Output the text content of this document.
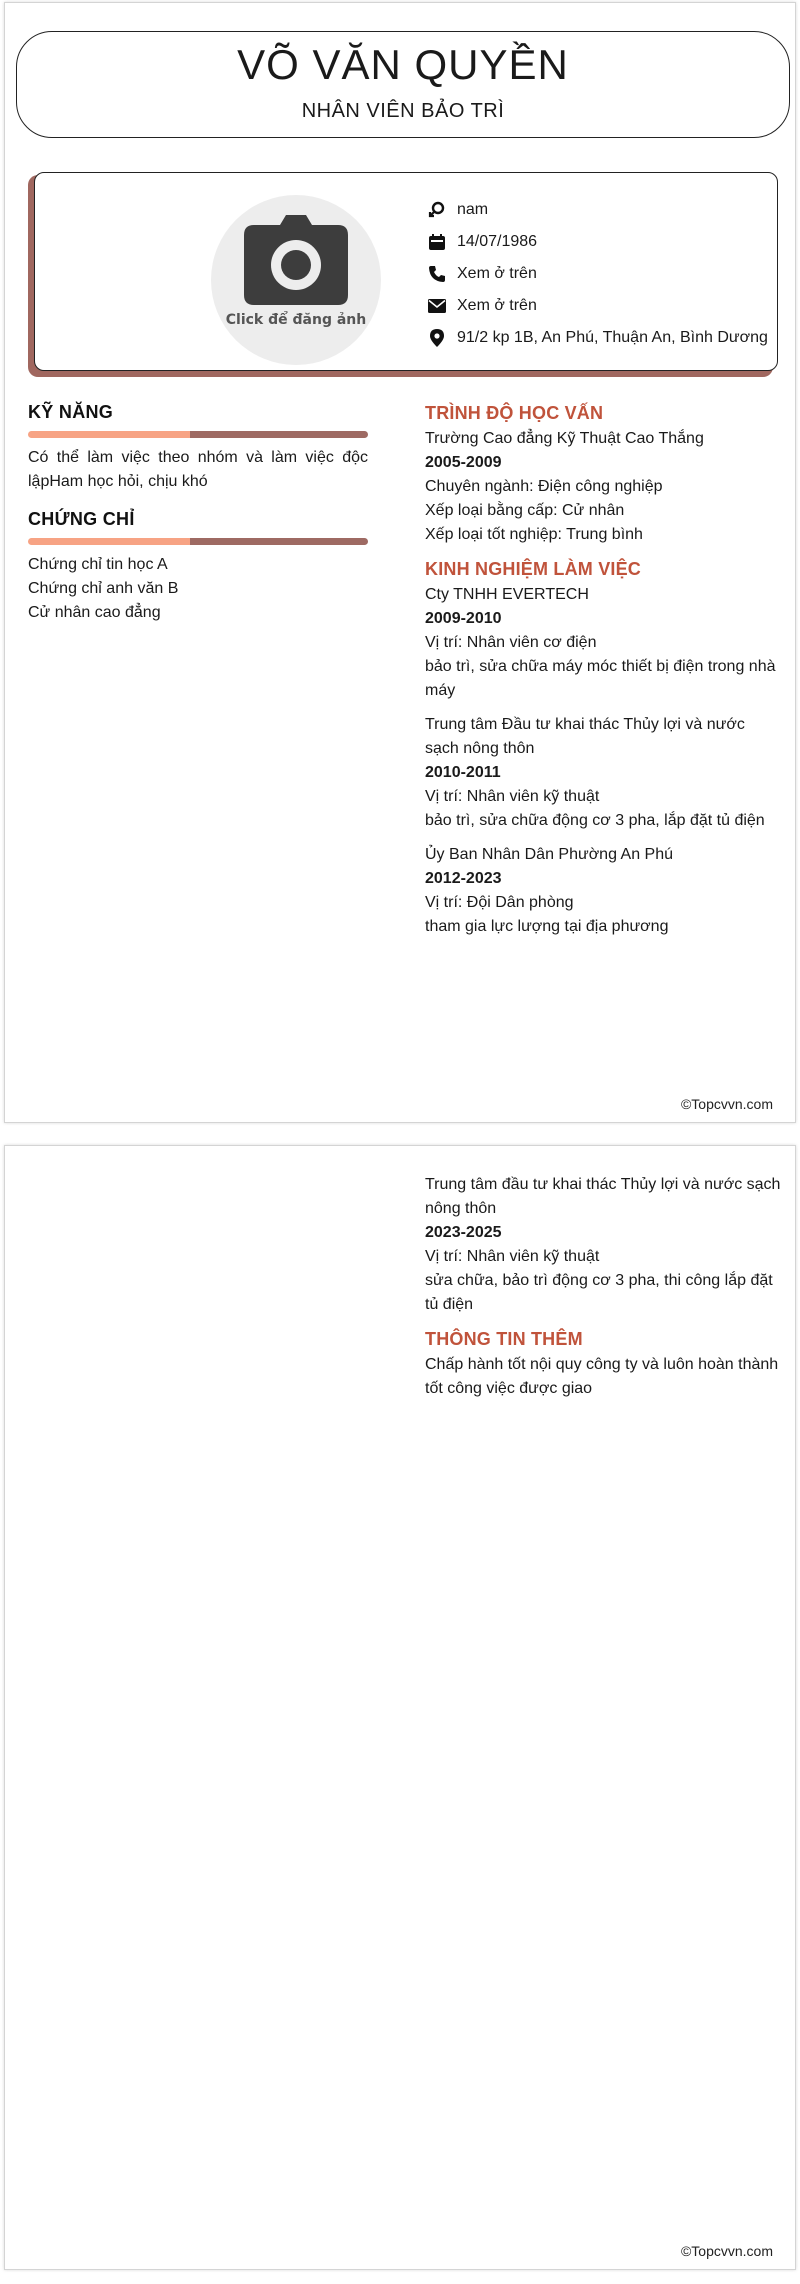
VÕ VĂN QUYỀN
NHÂN VIÊN BẢO TRÌ
Click để đăng ảnh
nam
14/07/1986
Xem ở trên
Xem ở trên
91/2 kp 1B, An Phú, Thuận An, Bình Dương
KỸ NĂNG
Có thể làm việc theo nhóm và làm việc độc lậpHam học hỏi, chịu khó
CHỨNG CHỈ
Chứng chỉ tin học A
Chứng chỉ anh văn B
Cử nhân cao đẳng
TRÌNH ĐỘ HỌC VẤN
Trường Cao đẳng Kỹ Thuật Cao Thắng
2005-2009
Chuyên ngành: Điện công nghiệp
Xếp loại bằng cấp: Cử nhân
Xếp loại tốt nghiệp: Trung bình
KINH NGHIỆM LÀM VIỆC
Cty TNHH EVERTECH
2009-2010
Vị trí: Nhân viên cơ điện
bảo trì, sửa chữa máy móc thiết bị điện trong nhà máy
Trung tâm Đầu tư khai thác Thủy lợi và nước sạch nông thôn
2010-2011
Vị trí: Nhân viên kỹ thuật
bảo trì, sửa chữa động cơ 3 pha, lắp đặt tủ điện
Ủy Ban Nhân Dân Phường An Phú
2012-2023
Vị trí: Đội Dân phòng
tham gia lực lượng tại địa phương
©Topcvvn.com
Trung tâm đầu tư khai thác Thủy lợi và nước sạch nông thôn
2023-2025
Vị trí: Nhân viên kỹ thuật
sửa chữa, bảo trì động cơ 3 pha, thi công lắp đặt tủ điện
THÔNG TIN THÊM
Chấp hành tốt nội quy công ty và luôn hoàn thành tốt công việc được giao
©Topcvvn.com
